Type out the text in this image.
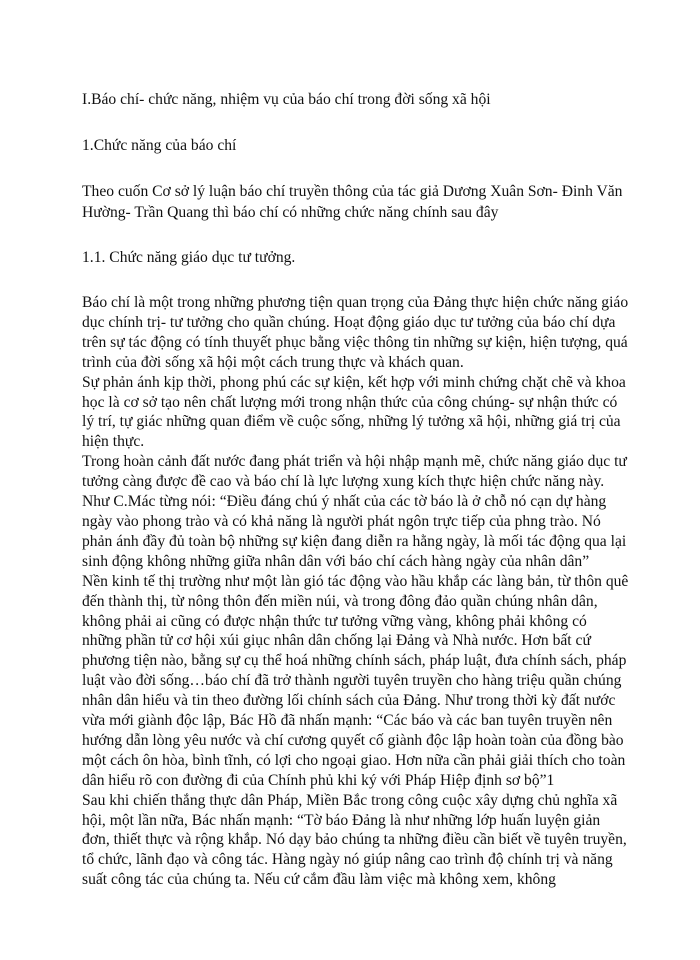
I.Báo chí- chức năng, nhiệm vụ của báo chí trong đời sống xã hội

1.Chức năng của báo chí

Theo cuốn Cơ sở lý luận báo chí truyền thông của tác giả Dương Xuân Sơn- Đinh Văn Hường- Trần Quang thì báo chí có những chức năng chính sau đây

1.1. Chức năng giáo dục tư tưởng.

Báo chí là một trong những phương tiện quan trọng của Đảng thực hiện chức năng giáo dục chính trị- tư tưởng cho quần chúng. Hoạt động giáo dục tư tưởng của báo chí dựa trên sự tác động có tính thuyết phục bằng việc thông tin những sự kiện, hiện tượng, quá trình của đời sống xã hội một cách trung thực và khách quan.

Sự phản ánh kịp thời, phong phú các sự kiện, kết hợp với minh chứng chặt chẽ và khoa học là cơ sở tạo nên chất lượng mới trong nhận thức của công chúng- sự nhận thức có lý trí, tự giác những quan điểm về cuộc sống, những lý tưởng xã hội, những giá trị của hiện thực.

Trong hoàn cảnh đất nước đang phát triển và hội nhập mạnh mẽ, chức năng giáo dục tư tưởng càng được đề cao và báo chí là lực lượng xung kích thực hiện chức năng này.

Như C.Mác từng nói: “Điều đáng chú ý nhất của các tờ báo là ở chỗ nó cạn dự hàng ngày vào phong trào và có khả năng là người phát ngôn trực tiếp của phng trào. Nó phản ánh đầy đủ toàn bộ những sự kiện đang diễn ra hằng ngày, là mối tác động qua lại sinh động không những giữa nhân dân với báo chí cách hàng ngày của nhân dân”

Nền kinh tế thị trường như một làn gió tác động vào hầu khắp các làng bản, từ thôn quê đến thành thị, từ nông thôn đến miền núi, và trong đông đảo quần chúng nhân dân, không phải ai cũng có được nhận thức tư tưởng vững vàng, không phải không có những phần tử cơ hội xúi giục nhân dân chống lại Đảng và Nhà nước. Hơn bất cứ phương tiện nào, bằng sự cụ thể hoá những chính sách, pháp luật, đưa chính sách, pháp luật vào đời sống…báo chí đã trở thành người tuyên truyền cho hàng triệu quần chúng nhân dân hiểu và tin theo đường lối chính sách của Đảng. Như trong thời kỳ đất nước vừa mới giành độc lập, Bác Hồ đã nhấn mạnh: “Các báo và các ban tuyên truyền nên hướng dẫn lòng yêu nước và chí cương quyết cố giành độc lập hoàn toàn của đồng bào một cách ôn hòa, bình tĩnh, có lợi cho ngoại giao. Hơn nữa cần phải giải thích cho toàn dân hiểu rõ con đường đi của Chính phủ khi ký với Pháp Hiệp định sơ bộ”1

Sau khi chiến thắng thực dân Pháp, Miền Bắc trong công cuộc xây dựng chủ nghĩa xã hội, một lần nữa, Bác nhấn mạnh: “Tờ báo Đảng là như những lớp huấn luyện giản đơn, thiết thực và rộng khắp. Nó dạy bảo chúng ta những điều cần biết về tuyên truyền, tổ chức, lãnh đạo và công tác. Hàng ngày nó giúp nâng cao trình độ chính trị và năng suất công tác của chúng ta. Nếu cứ cắm đầu làm việc mà không xem, không
